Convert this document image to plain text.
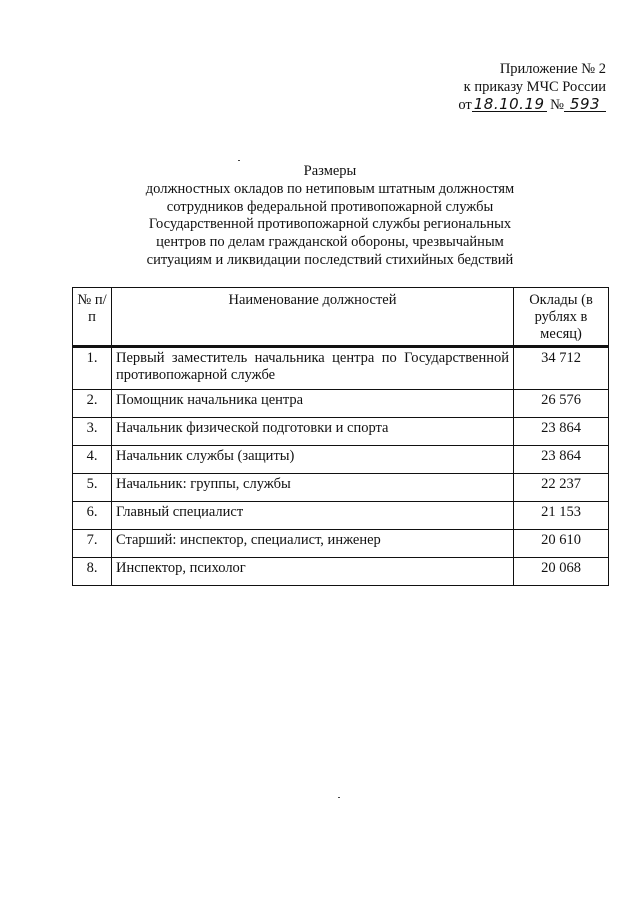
Приложение № 2
к приказу МЧС России
от 18.10.19 № 593
Размеры
должностных окладов по нетиповым штатным должностям
сотрудников федеральной противопожарной службы
Государственной противопожарной службы региональных
центров по делам гражданской обороны, чрезвычайным
ситуациям и ликвидации последствий стихийных бедствий
№ п/п	Наименование должностей	Оклады (в рублях в месяц)

1.	Первый заместитель начальника центра по Государственной противопожарной службе	34 712
2.	Помощник начальника центра	26 576
3.	Начальник физической подготовки и спорта	23 864
4.	Начальник службы (защиты)	23 864
5.	Начальник: группы, службы	22 237
6.	Главный специалист	21 153
7.	Старший: инспектор, специалист, инженер	20 610
8.	Инспектор, психолог	20 068
